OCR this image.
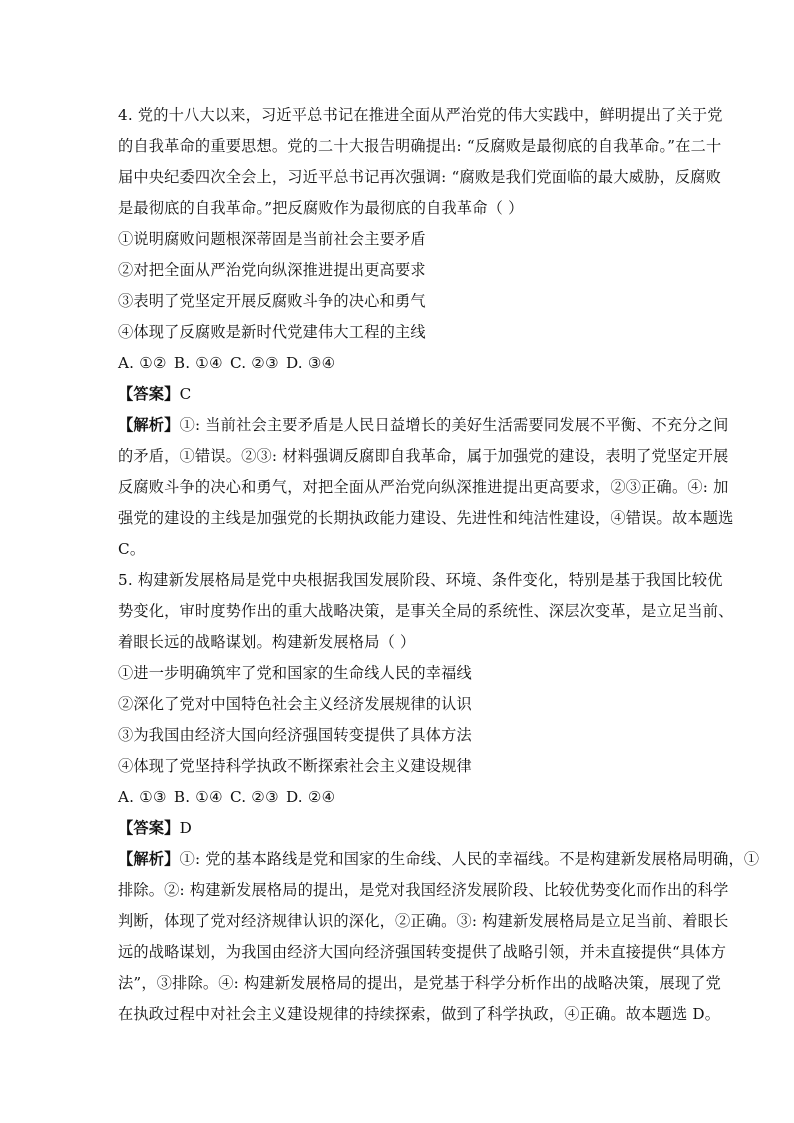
4. 党的十八大以来，习近平总书记在推进全面从严治党的伟大实践中，鲜明提出了关于党
的自我革命的重要思想。党的二十大报告明确提出: “反腐败是最彻底的自我革命。”在二十
届中央纪委四次全会上，习近平总书记再次强调: “腐败是我们党面临的最大威胁，反腐败
是最彻底的自我革命。”把反腐败作为最彻底的自我革命（ ）

①说明腐败问题根深蒂固是当前社会主要矛盾

②对把全面从严治党向纵深推进提出更高要求

③表明了党坚定开展反腐败斗争的决心和勇气

④体现了反腐败是新时代党建伟大工程的主线

A. ①② B. ①④ C. ②③ D. ③④

【答案】C

【解析】①: 当前社会主要矛盾是人民日益增长的美好生活需要同发展不平衡、不充分之间
的矛盾，①错误。②③: 材料强调反腐即自我革命，属于加强党的建设，表明了党坚定开展
反腐败斗争的决心和勇气，对把全面从严治党向纵深推进提出更高要求，②③正确。④: 加
强党的建设的主线是加强党的长期执政能力建设、先进性和纯洁性建设，④错误。故本题选
C。
5. 构建新发展格局是党中央根据我国发展阶段、环境、条件变化，特别是基于我国比较优
势变化，审时度势作出的重大战略决策，是事关全局的系统性、深层次变革，是立足当前、
着眼长远的战略谋划。构建新发展格局（ ）

①进一步明确筑牢了党和国家的生命线人民的幸福线

②深化了党对中国特色社会主义经济发展规律的认识

③为我国由经济大国向经济强国转变提供了具体方法

④体现了党坚持科学执政不断探索社会主义建设规律

A. ①③ B. ①④ C. ②③ D. ②④

【答案】D

【解析】①: 党的基本路线是党和国家的生命线、人民的幸福线。不是构建新发展格局明确，①
排除。②: 构建新发展格局的提出，是党对我国经济发展阶段、比较优势变化而作出的科学
判断，体现了党对经济规律认识的深化，②正确。③: 构建新发展格局是立足当前、着眼长
远的战略谋划，为我国由经济大国向经济强国转变提供了战略引领，并未直接提供“具体方
法”，③排除。④: 构建新发展格局的提出，是党基于科学分析作出的战略决策，展现了党
在执政过程中对社会主义建设规律的持续探索，做到了科学执政，④正确。故本题选 D。
